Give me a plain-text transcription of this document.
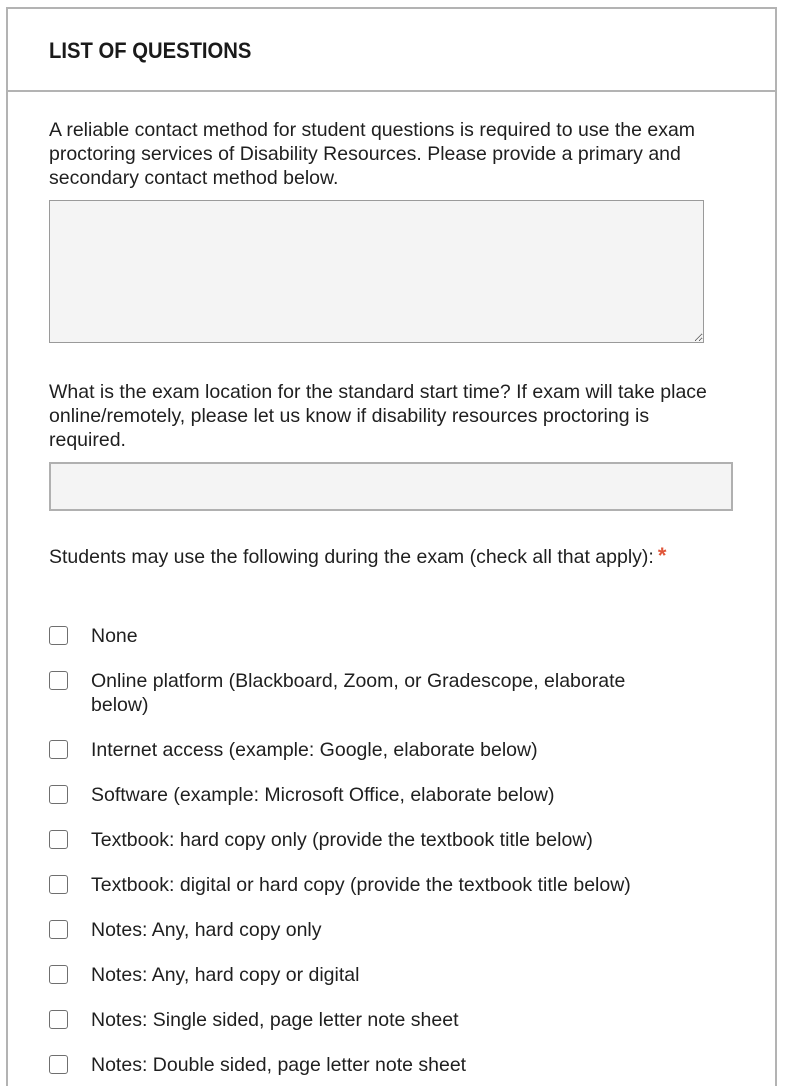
LIST OF QUESTIONS
A reliable contact method for student questions is required to use the exam proctoring services of Disability Resources. Please provide a primary and secondary contact method below.
What is the exam location for the standard start time? If exam will take place online/remotely, please let us know if disability resources proctoring is required.
Students may use the following during the exam (check all that apply): *
None
Online platform (Blackboard, Zoom, or Gradescope, elaborate below)
Internet access (example: Google, elaborate below)
Software (example: Microsoft Office, elaborate below)
Textbook: hard copy only (provide the textbook title below)
Textbook: digital or hard copy (provide the textbook title below)
Notes: Any, hard copy only
Notes: Any, hard copy or digital
Notes: Single sided, page letter note sheet
Notes: Double sided, page letter note sheet
